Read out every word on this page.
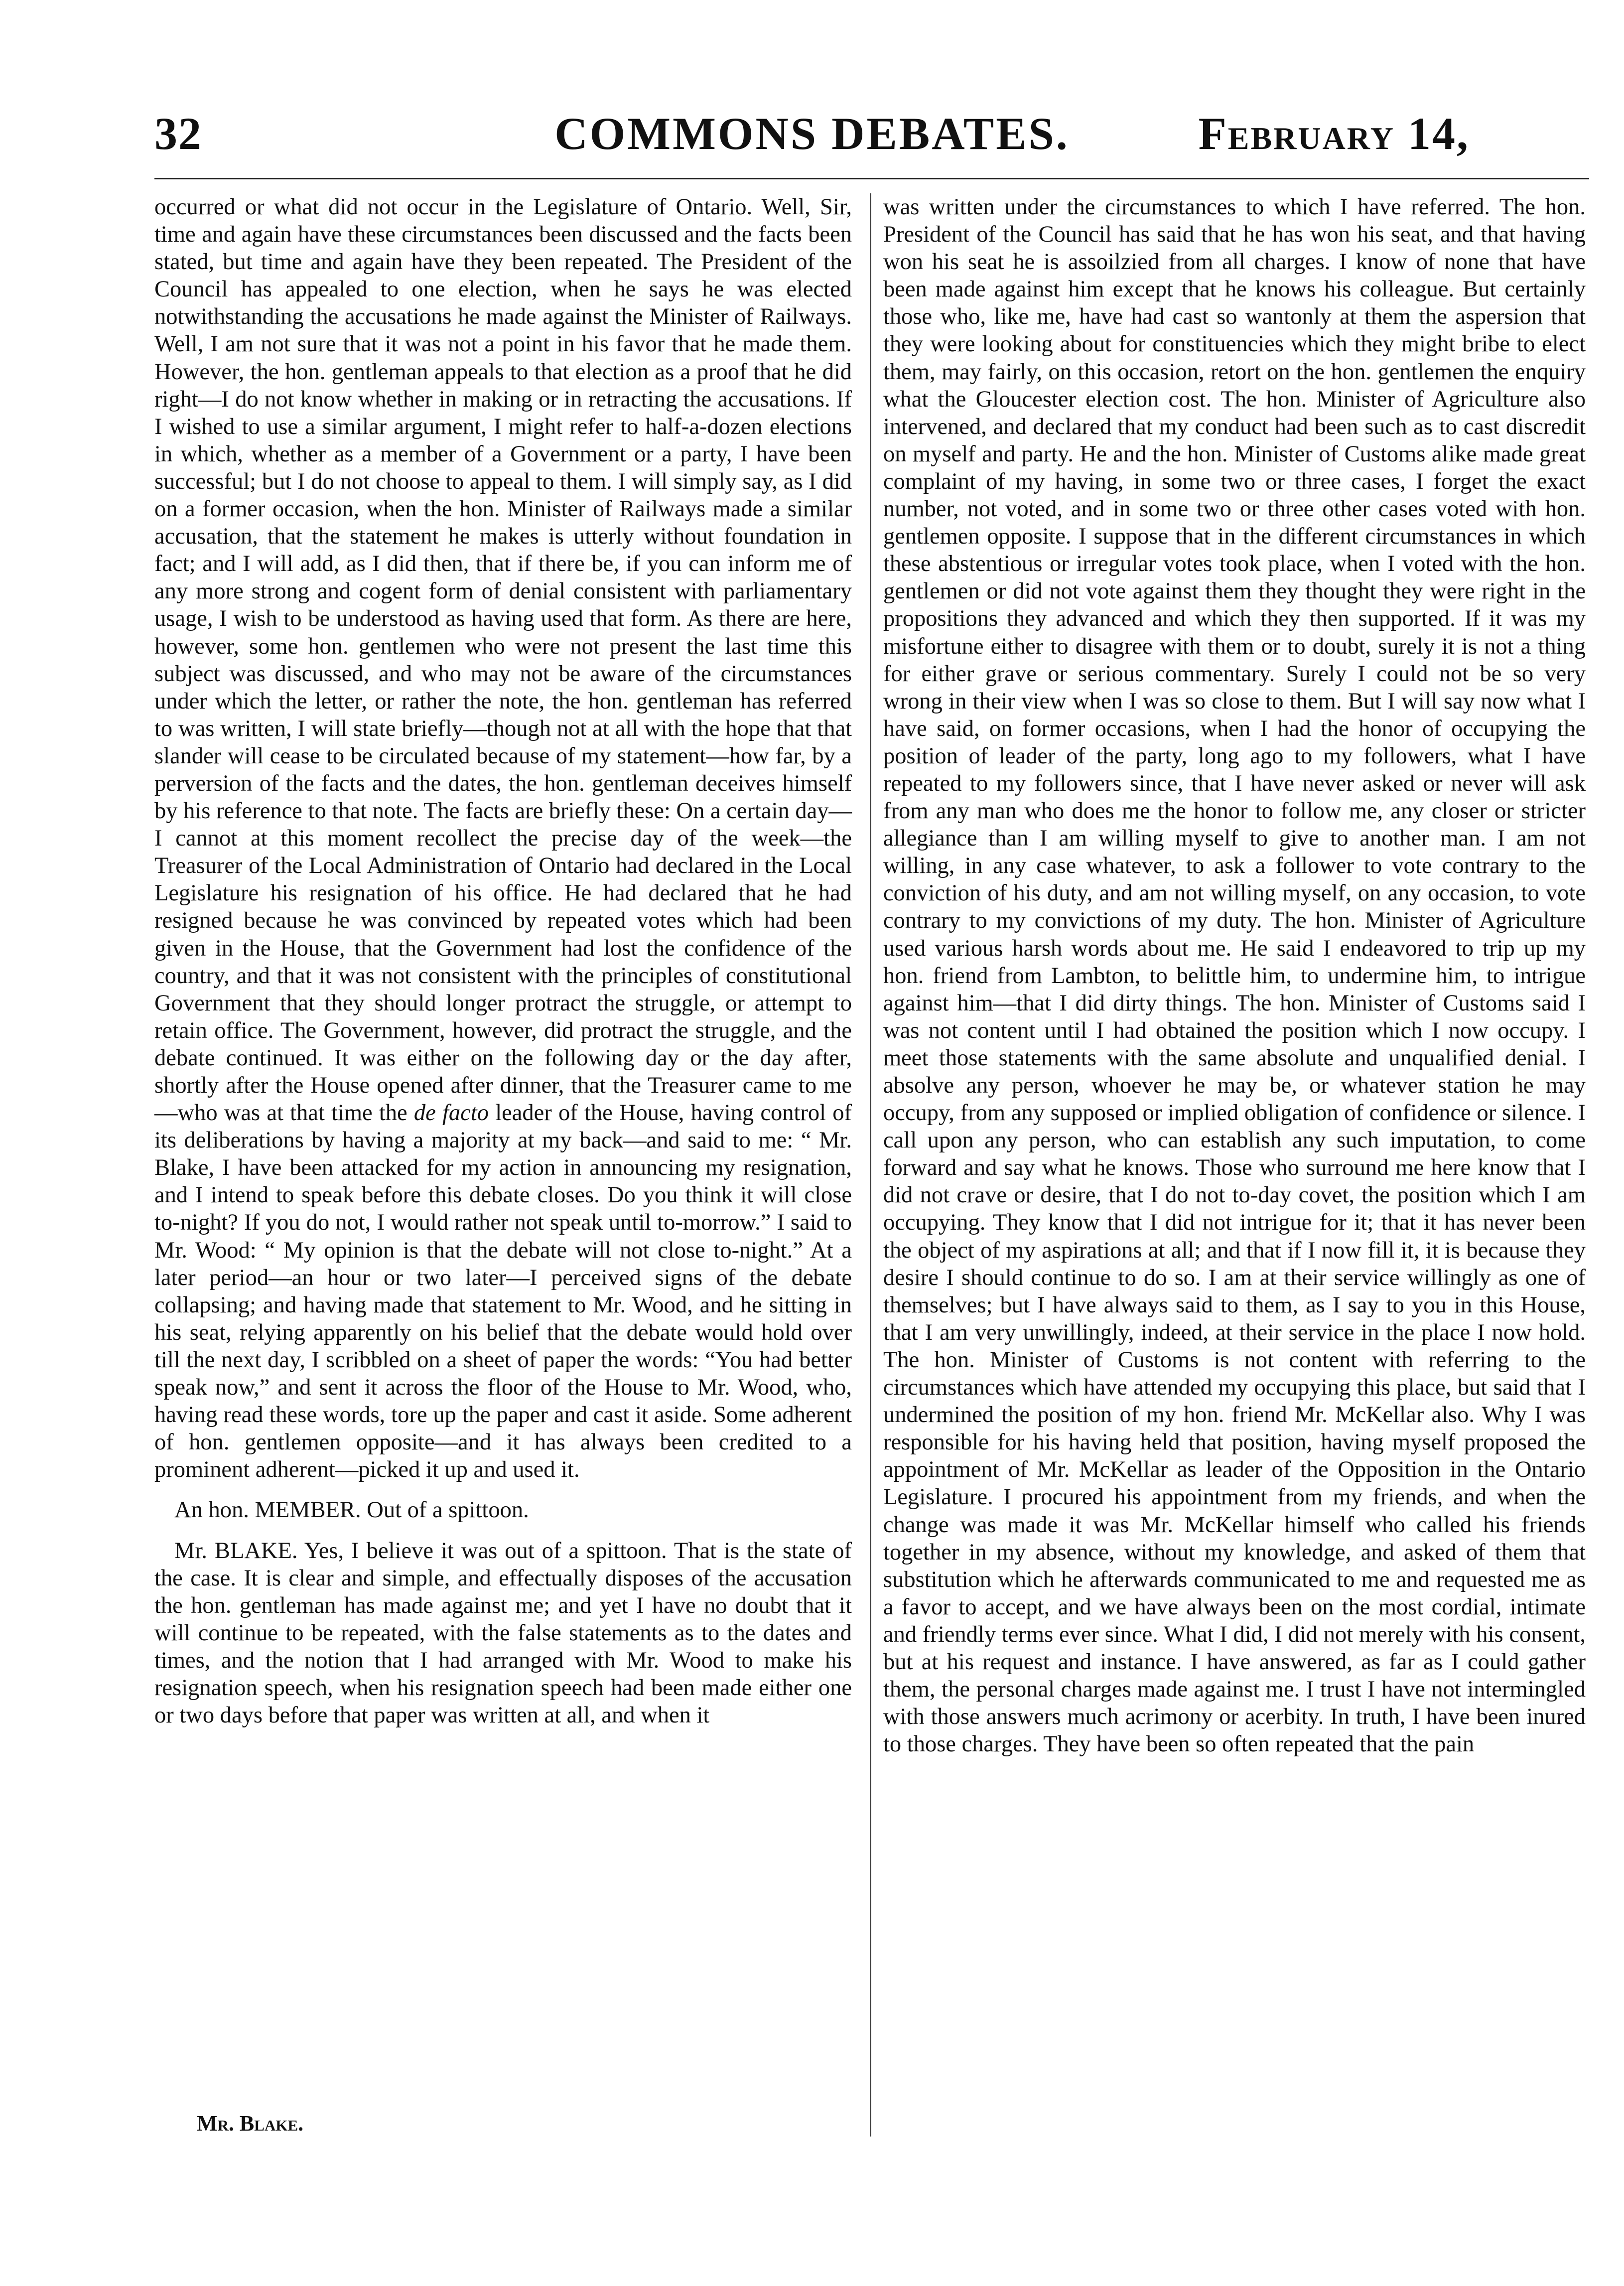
32	COMMONS DEBATES.	February 14,

occurred or what did not occur in the Legislature of Ontario. Well, Sir, time and again have these circumstances been discussed and the facts been stated, but time and again have they been repeated. The President of the Council has appealed to one election, when he says he was elected notwithstanding the accusations he made against the Minister of Railways. Well, I am not sure that it was not a point in his favor that he made them. However, the hon. gentleman appeals to that election as a proof that he did right—I do not know whether in making or in retracting the accusations. If I wished to use a similar argument, I might refer to half-a-dozen elections in which, whether as a member of a Government or a party, I have been successful; but I do not choose to appeal to them. I will simply say, as I did on a former occasion, when the hon. Minister of Railways made a similar accusation, that the statement he makes is utterly without foundation in fact; and I will add, as I did then, that if there be, if you can inform me of any more strong and cogent form of denial consistent with parliamentary usage, I wish to be understood as having used that form. As there are here, however, some hon. gentlemen who were not present the last time this subject was discussed, and who may not be aware of the circumstances under which the letter, or rather the note, the hon. gentleman has referred to was written, I will state briefly—though not at all with the hope that that slander will cease to be circulated because of my statement—how far, by a perversion of the facts and the dates, the hon. gentleman deceives himself by his reference to that note. The facts are briefly these: On a certain day—I cannot at this moment recollect the precise day of the week—the Treasurer of the Local Administration of Ontario had declared in the Local Legislature his resignation of his office. He had declared that he had resigned because he was convinced by repeated votes which had been given in the House, that the Government had lost the confidence of the country, and that it was not consistent with the principles of constitutional Government that they should longer protract the struggle, or attempt to retain office. The Government, however, did protract the struggle, and the debate continued. It was either on the following day or the day after, shortly after the House opened after dinner, that the Treasurer came to me—who was at that time the de facto leader of the House, having control of its deliberations by having a majority at my back—and said to me: “ Mr. Blake, I have been attacked for my action in announcing my resignation, and I intend to speak before this debate closes. Do you think it will close to-night? If you do not, I would rather not speak until to-morrow.” I said to Mr. Wood: “ My opinion is that the debate will not close to-night.” At a later period—an hour or two later—I perceived signs of the debate collapsing; and having made that statement to Mr. Wood, and he sitting in his seat, relying apparently on his belief that the debate would hold over till the next day, I scribbled on a sheet of paper the words: “You had better speak now,” and sent it across the floor of the House to Mr. Wood, who, having read these words, tore up the paper and cast it aside. Some adherent of hon. gentlemen opposite—and it has always been credited to a prominent adherent—picked it up and used it.

An hon. MEMBER. Out of a spittoon.

Mr. BLAKE. Yes, I believe it was out of a spittoon. That is the state of the case. It is clear and simple, and effectually disposes of the accusation the hon. gentleman has made against me; and yet I have no doubt that it will continue to be repeated, with the false statements as to the dates and times, and the notion that I had arranged with Mr. Wood to make his resignation speech, when his resignation speech had been made either one or two days before that paper was written at all, and when it

was written under the circumstances to which I have referred. The hon. President of the Council has said that he has won his seat, and that having won his seat he is assoilzied from all charges. I know of none that have been made against him except that he knows his colleague. But certainly those who, like me, have had cast so wantonly at them the aspersion that they were looking about for constituencies which they might bribe to elect them, may fairly, on this occasion, retort on the hon. gentlemen the enquiry what the Gloucester election cost. The hon. Minister of Agriculture also intervened, and declared that my conduct had been such as to cast discredit on myself and party. He and the hon. Minister of Customs alike made great complaint of my having, in some two or three cases, I forget the exact number, not voted, and in some two or three other cases voted with hon. gentlemen opposite. I suppose that in the different circumstances in which these abstentious or irregular votes took place, when I voted with the hon. gentlemen or did not vote against them they thought they were right in the propositions they advanced and which they then supported. If it was my misfortune either to disagree with them or to doubt, surely it is not a thing for either grave or serious commentary. Surely I could not be so very wrong in their view when I was so close to them. But I will say now what I have said, on former occasions, when I had the honor of occupying the position of leader of the party, long ago to my followers, what I have repeated to my followers since, that I have never asked or never will ask from any man who does me the honor to follow me, any closer or stricter allegiance than I am willing myself to give to another man. I am not willing, in any case whatever, to ask a follower to vote contrary to the conviction of his duty, and am not willing myself, on any occasion, to vote contrary to my convictions of my duty. The hon. Minister of Agriculture used various harsh words about me. He said I endeavored to trip up my hon. friend from Lambton, to belittle him, to undermine him, to intrigue against him—that I did dirty things. The hon. Minister of Customs said I was not content until I had obtained the position which I now occupy. I meet those statements with the same absolute and unqualified denial. I absolve any person, whoever he may be, or whatever station he may occupy, from any supposed or implied obligation of confidence or silence. I call upon any person, who can establish any such imputation, to come forward and say what he knows. Those who surround me here know that I did not crave or desire, that I do not to-day covet, the position which I am occupying. They know that I did not intrigue for it; that it has never been the object of my aspirations at all; and that if I now fill it, it is because they desire I should continue to do so. I am at their service willingly as one of themselves; but I have always said to them, as I say to you in this House, that I am very unwillingly, indeed, at their service in the place I now hold. The hon. Minister of Customs is not content with referring to the circumstances which have attended my occupying this place, but said that I undermined the position of my hon. friend Mr. McKellar also. Why I was responsible for his having held that position, having myself proposed the appointment of Mr. McKellar as leader of the Opposition in the Ontario Legislature. I procured his appointment from my friends, and when the change was made it was Mr. McKellar himself who called his friends together in my absence, without my knowledge, and asked of them that substitution which he afterwards communicated to me and requested me as a favor to accept, and we have always been on the most cordial, intimate and friendly terms ever since. What I did, I did not merely with his consent, but at his request and instance. I have answered, as far as I could gather them, the personal charges made against me. I trust I have not intermingled with those answers much acrimony or acerbity. In truth, I have been inured to those charges. They have been so often repeated that the pain

Mr. Blake.
